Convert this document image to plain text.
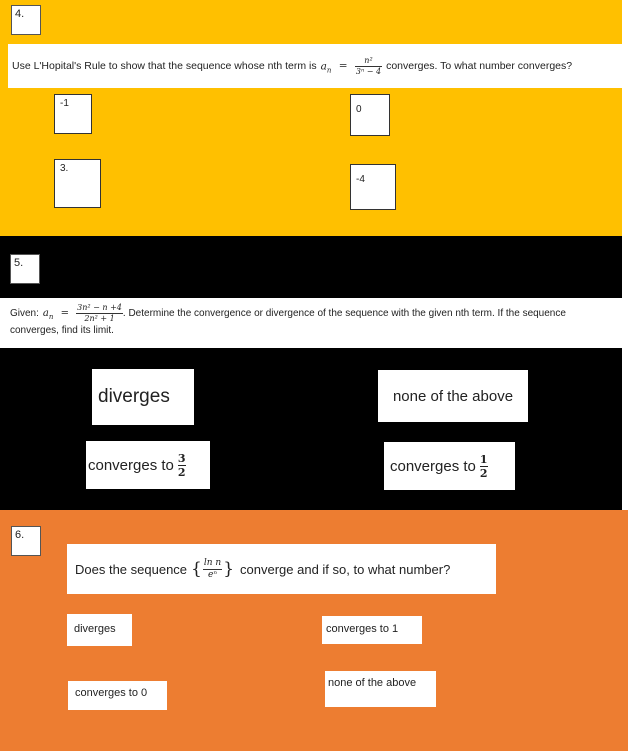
4.
Use L'Hopital's Rule to show that the sequence whose nth term is $a_n = \frac{\text{n²}}{\text{3ⁿ − 4}}$ converges. To what number converges?
-1
0
3.
-4
5.
Given: $a_n = \frac{\text{3n² − n +4}}{\text{2n² + 1}}$ . Determine the convergence or divergence of the sequence with the given nth term. If the sequence
converges, find its limit.
diverges	none of the above
converges to 3
2	converges to 1
2
6.
Does the sequence { $\frac{\text{ln n}}{\text{eⁿ}}$ } converge and if so, to what number?
diverges	converges to 1
none of the above
converges to 0
